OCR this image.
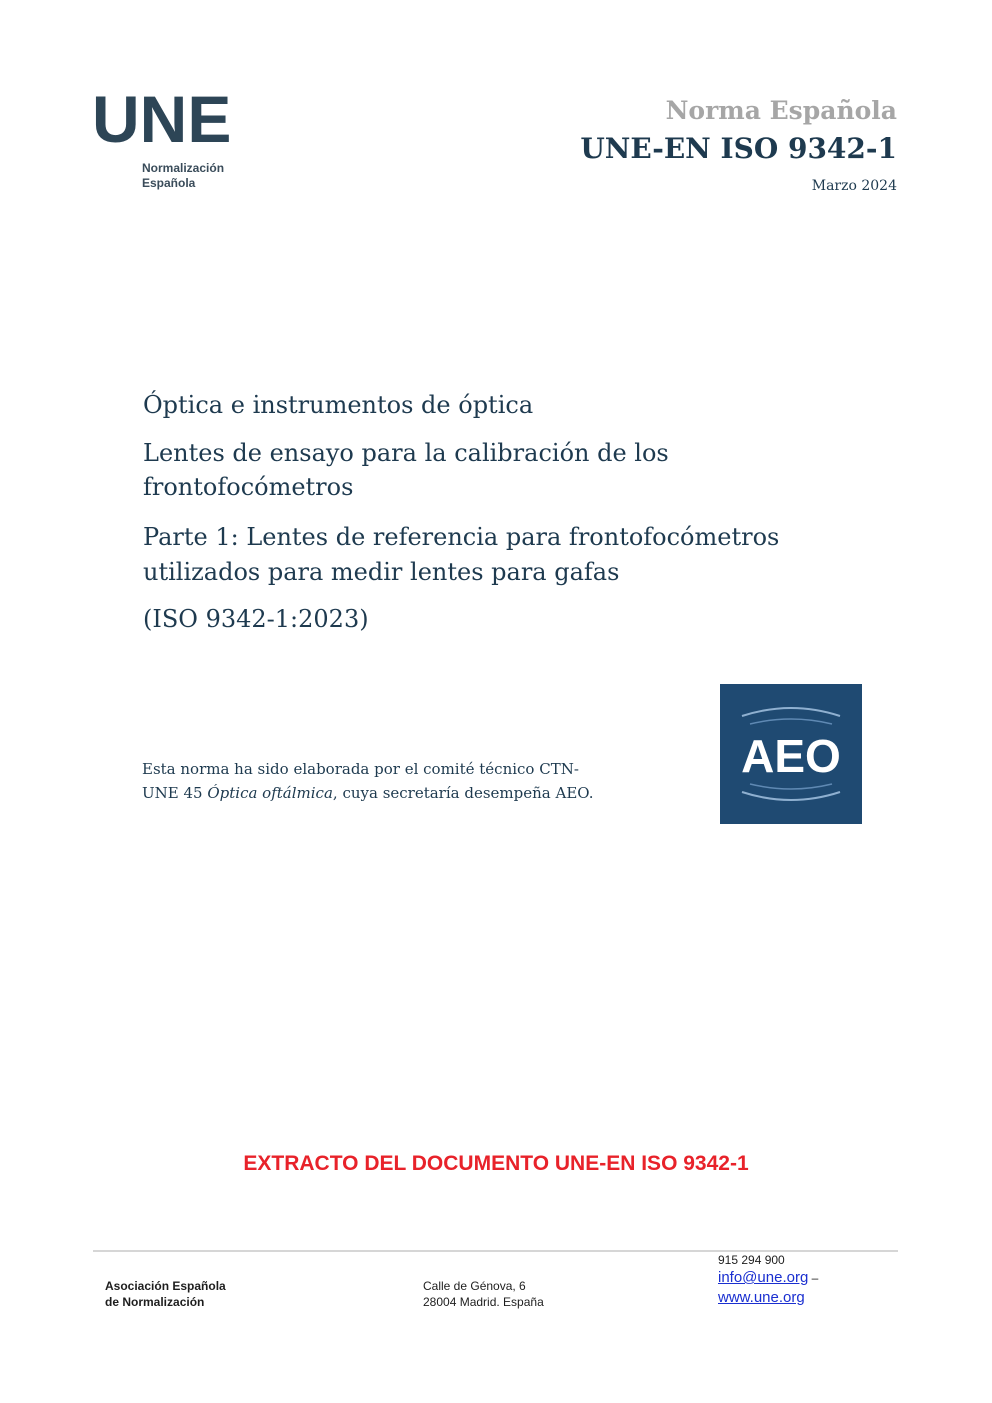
UNE
Normalización
Española
Norma Española
UNE-EN ISO 9342-1
Marzo 2024
Óptica e instrumentos de óptica
Lentes de ensayo para la calibración de los frontofocómetros
Parte 1: Lentes de referencia para frontofocómetros utilizados para medir lentes para gafas
(ISO 9342-1:2023)
Esta norma ha sido elaborada por el comité técnico CTN-UNE 45 Óptica oftálmica, cuya secretaría desempeña AEO.
AEO
EXTRACTO DEL DOCUMENTO UNE-EN ISO 9342-1
Asociación Española
de Normalización
Calle de Génova, 6
28004 Madrid. España
915 294 900
info@une.org –
www.une.org
